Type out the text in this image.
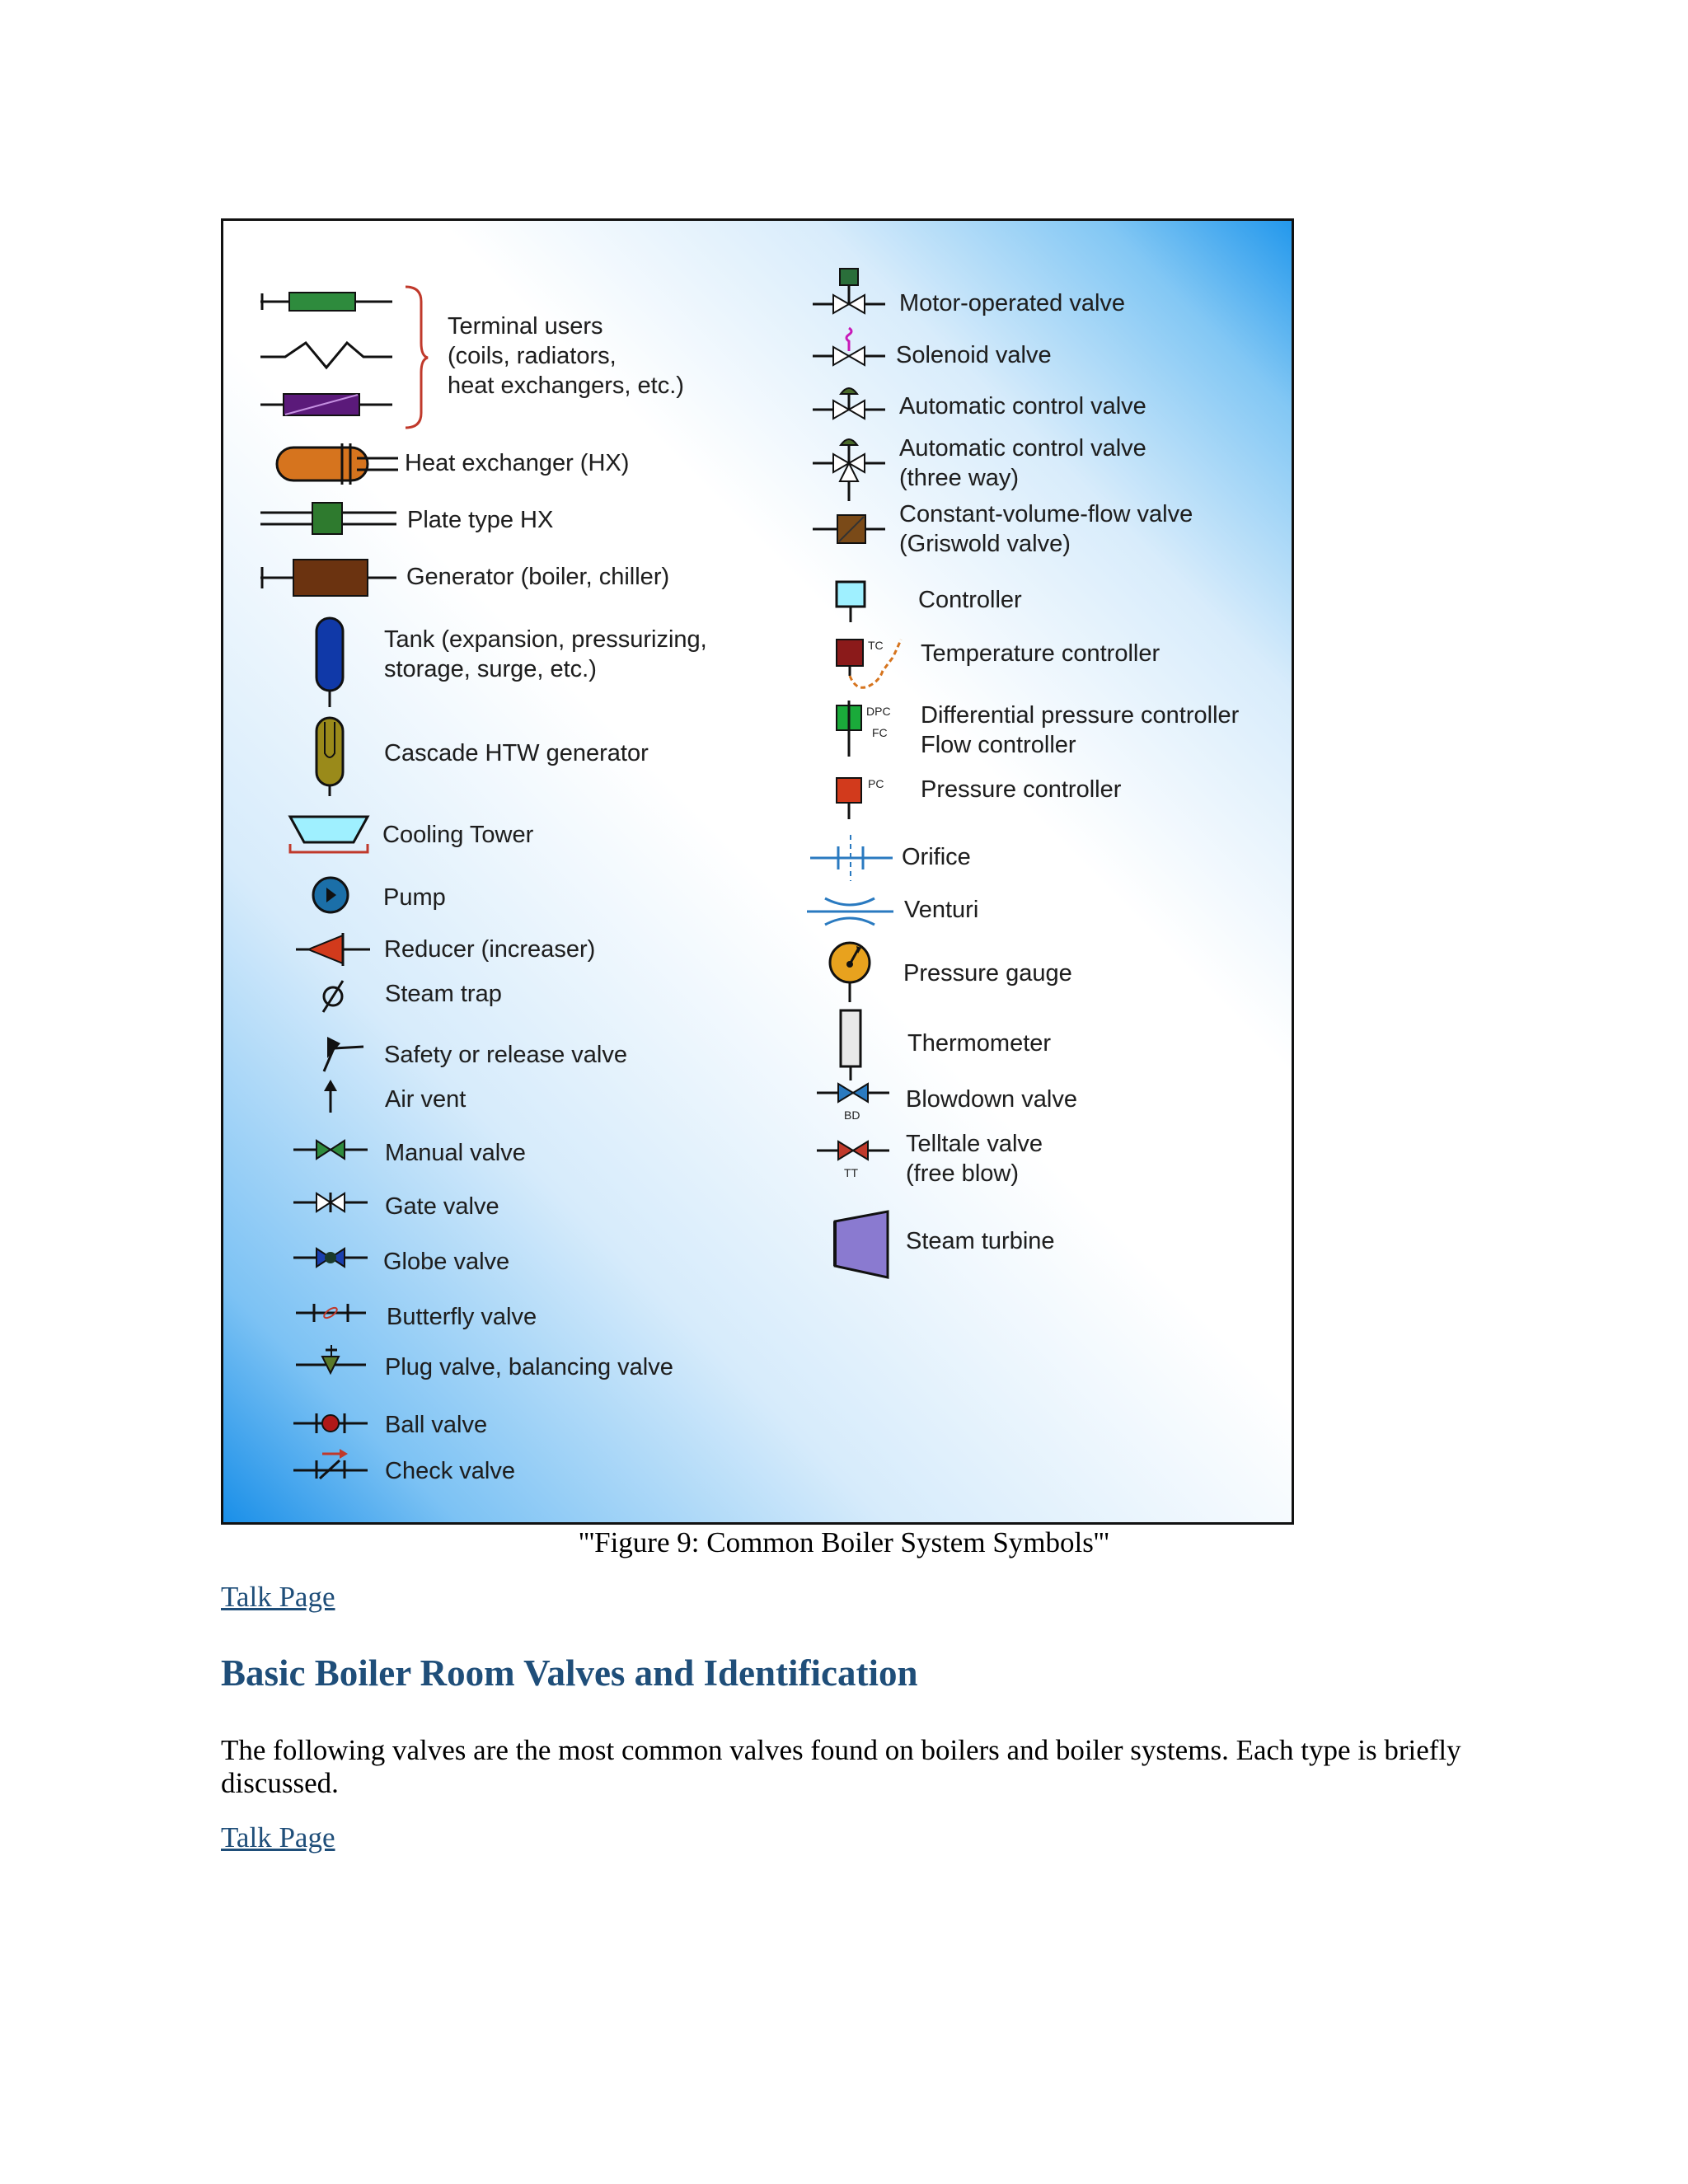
Terminal users
(coils, radiators,
heat exchangers, etc.)
Heat exchanger (HX)
Plate type HX
Generator (boiler, chiller)
Tank (expansion, pressurizing,
storage, surge, etc.)
Cascade HTW generator
Cooling Tower
Pump
Reducer (increaser)
Steam trap
Safety or release valve
Air vent
Manual valve
Gate valve
Globe valve
Butterfly valve
Plug valve, balancing valve
Ball valve
Check valve
Motor-operated valve
Solenoid valve
Automatic control valve
Automatic control valve
(three way)
Constant-volume-flow valve
(Griswold valve)
Controller
TC Temperature controller
DPC
FC
Differential pressure controller
Flow controller
PC Pressure controller
Orifice
Venturi
Pressure gauge
Thermometer
BD
Blowdown valve
TT
Telltale valve
(free blow)
Steam turbine
'''Figure 9: Common Boiler System Symbols'''
Talk Page
Basic Boiler Room Valves and Identification

The following valves are the most common valves found on boilers and boiler systems. Each type is briefly discussed.

Talk Page
